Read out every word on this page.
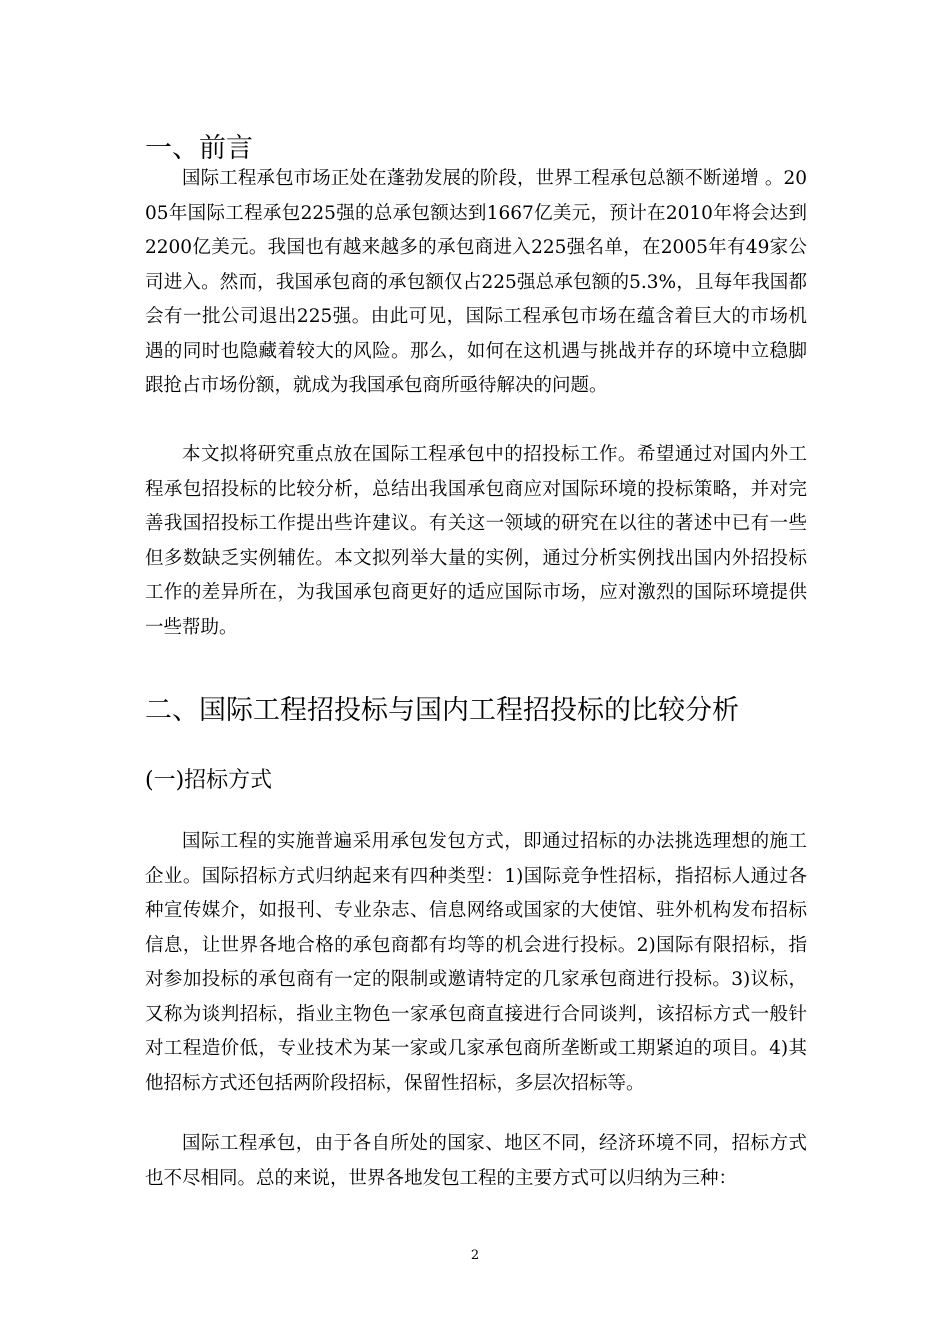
一、前言

国际工程承包市场正处在蓬勃发展的阶段，世界工程承包总额不断递增 。2005年国际工程承包225强的总承包额达到1667亿美元，预计在2010年将会达到2200亿美元。我国也有越来越多的承包商进入225强名单，在2005年有49家公司进入。然而，我国承包商的承包额仅占225强总承包额的5.3%，且每年我国都会有一批公司退出225强。由此可见，国际工程承包市场在蕴含着巨大的市场机遇的同时也隐藏着较大的风险。那么，如何在这机遇与挑战并存的环境中立稳脚跟抢占市场份额，就成为我国承包商所亟待解决的问题。

本文拟将研究重点放在国际工程承包中的招投标工作。希望通过对国内外工程承包招投标的比较分析，总结出我国承包商应对国际环境的投标策略，并对完善我国招投标工作提出些许建议。有关这一领域的研究在以往的著述中已有一些但多数缺乏实例辅佐。本文拟列举大量的实例，通过分析实例找出国内外招投标工作的差异所在，为我国承包商更好的适应国际市场，应对激烈的国际环境提供一些帮助。

二、国际工程招投标与国内工程招投标的比较分析
(一)招标方式

国际工程的实施普遍采用承包发包方式，即通过招标的办法挑选理想的施工企业。国际招标方式归纳起来有四种类型：1)国际竞争性招标，指招标人通过各种宣传媒介，如报刊、专业杂志、信息网络或国家的大使馆、驻外机构发布招标信息，让世界各地合格的承包商都有均等的机会进行投标。2)国际有限招标，指对参加投标的承包商有一定的限制或邀请特定的几家承包商进行投标。3)议标，又称为谈判招标，指业主物色一家承包商直接进行合同谈判，该招标方式一般针对工程造价低，专业技术为某一家或几家承包商所垄断或工期紧迫的项目。4)其他招标方式还包括两阶段招标，保留性招标，多层次招标等。

国际工程承包，由于各自所处的国家、地区不同，经济环境不同，招标方式也不尽相同。总的来说，世界各地发包工程的主要方式可以归纳为三种：

2
